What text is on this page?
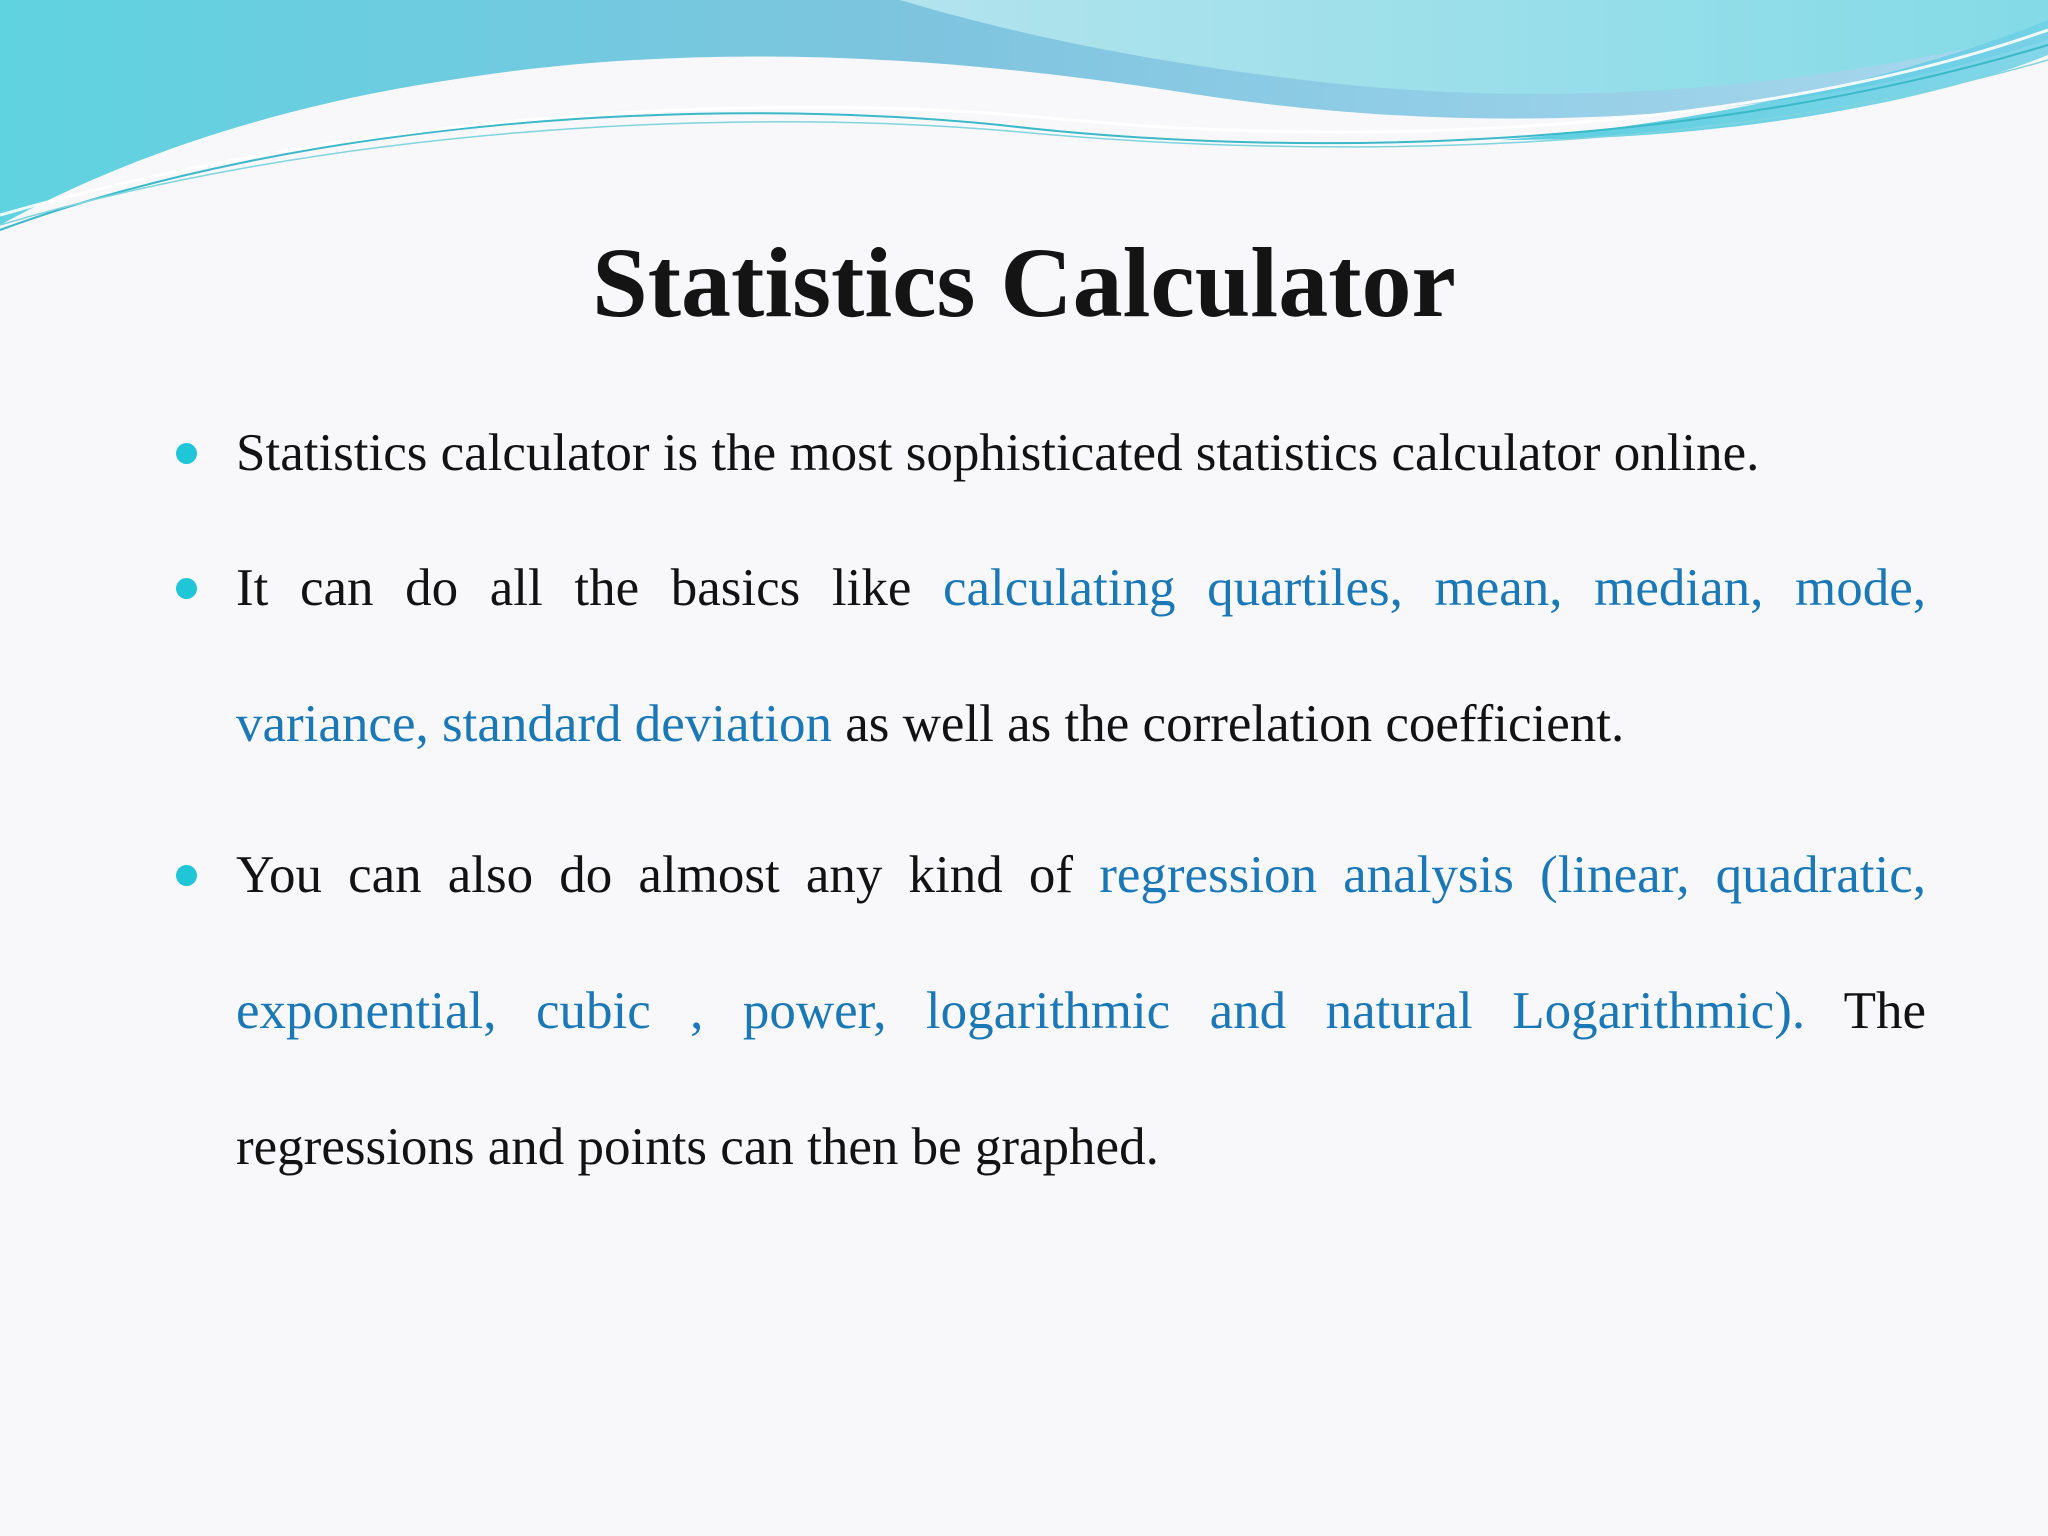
Statistics Calculator
Statistics calculator is the most sophisticated statistics calculator online.
It can do all the basics like calculating quartiles, mean, median, mode, variance, standard deviation as well as the correlation coefficient.
You can also do almost any kind of regression analysis (linear, quadratic, exponential, cubic , power, logarithmic and natural Logarithmic). The regressions and points can then be graphed.
